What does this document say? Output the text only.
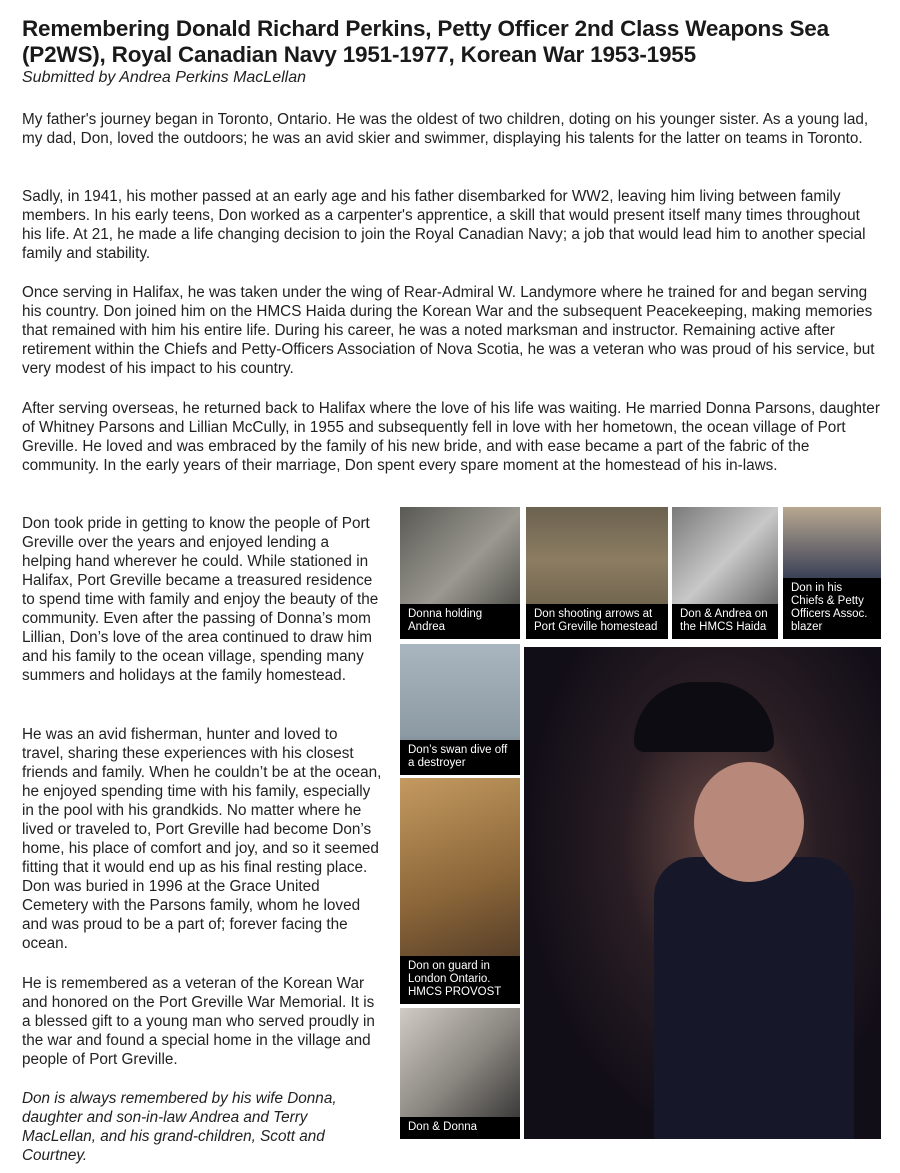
Remembering Donald Richard Perkins, Petty Officer 2nd Class Weapons Sea (P2WS), Royal Canadian Navy 1951-1977, Korean War 1953-1955
Submitted by Andrea Perkins MacLellan
My father's journey began in Toronto, Ontario. He was the oldest of two children, doting on his younger sister. As a young lad, my dad, Don, loved the outdoors; he was an avid skier and swimmer, displaying his talents for the latter on teams in Toronto.
Sadly, in 1941, his mother passed at an early age and his father disembarked for WW2, leaving him living between family members. In his early teens, Don worked as a carpenter's apprentice, a skill that would present itself many times throughout his life. At 21, he made a life changing decision to join the Royal Canadian Navy; a job that would lead him to another special family and stability.
Once serving in Halifax, he was taken under the wing of Rear-Admiral W. Landymore where he trained for and began serving his country. Don joined him on the HMCS Haida during the Korean War and the subsequent Peacekeeping, making memories that remained with him his entire life. During his career, he was a noted marksman and instructor. Remaining active after retirement within the Chiefs and Petty-Officers Association of Nova Scotia, he was a veteran who was proud of his service, but very modest of his impact to his country.
After serving overseas, he returned back to Halifax where the love of his life was waiting. He married Donna Parsons, daughter of Whitney Parsons and Lillian McCully, in 1955 and subsequently fell in love with her hometown, the ocean village of Port Greville. He loved and was embraced by the family of his new bride, and with ease became a part of the fabric of the community. In the early years of their marriage, Don spent every spare moment at the homestead of his in-laws.
Don took pride in getting to know the people of Port Greville over the years and enjoyed lending a helping hand wherever he could. While stationed in Halifax, Port Greville became a treasured residence to spend time with family and enjoy the beauty of the community. Even after the passing of Donna’s mom Lillian, Don’s love of the area continued to draw him and his family to the ocean village, spending many summers and holidays at the family homestead.
He was an avid fisherman, hunter and loved to travel, sharing these experiences with his closest friends and family. When he couldn’t be at the ocean, he enjoyed spending time with his family, especially in the pool with his grandkids. No matter where he lived or traveled to, Port Greville had become Don’s home, his place of comfort and joy, and so it seemed fitting that it would end up as his final resting place. Don was buried in 1996 at the Grace United Cemetery with the Parsons family, whom he loved and was proud to be a part of; forever facing the ocean.
He is remembered as a veteran of the Korean War and honored on the Port Greville War Memorial. It is a blessed gift to a young man who served proudly in the war and found a special home in the village and people of Port Greville.
Don is always remembered by his wife Donna, daughter and son-in-law Andrea and Terry MacLellan, and his grand-children, Scott and Courtney.
Donna holding Andrea
Don shooting arrows at Port Greville homestead
Don & Andrea on the HMCS Haida
Don in his Chiefs & Petty Officers Assoc. blazer
Don’s swan dive off a destroyer
Don on guard in London Ontario. HMCS PROVOST
Don & Donna
